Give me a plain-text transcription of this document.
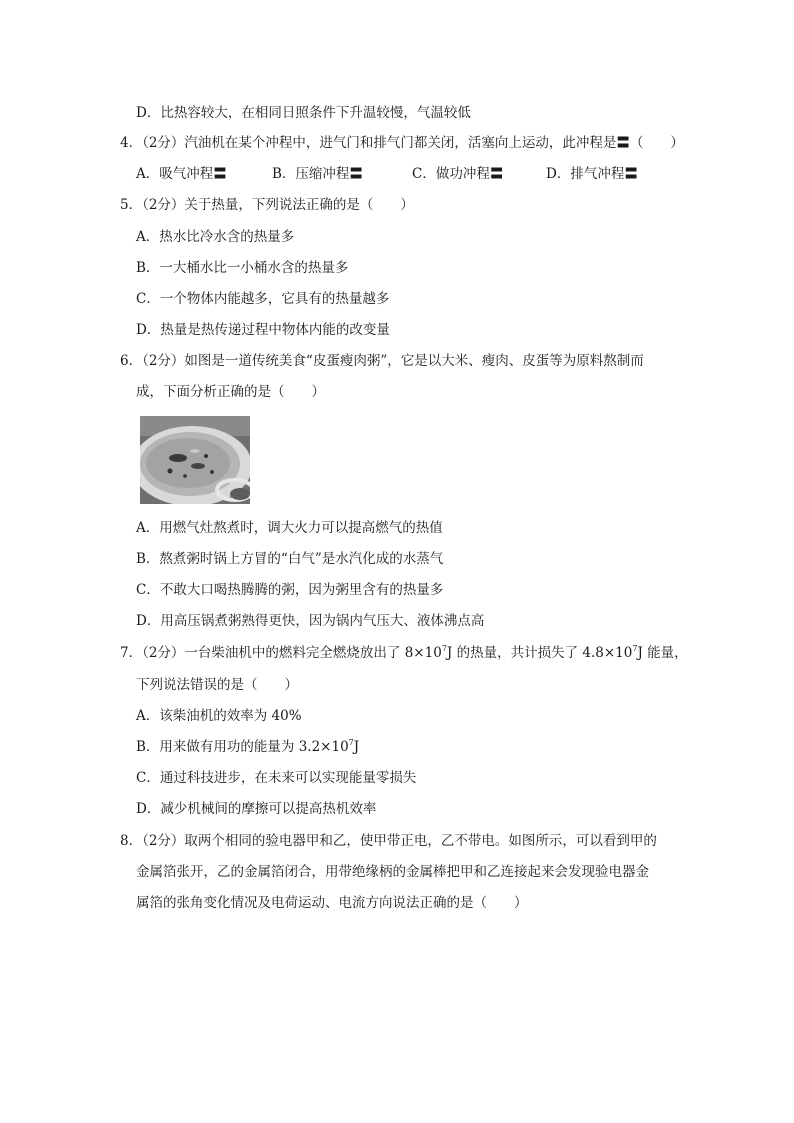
D．比热容较大，在相同日照条件下升温较慢，气温较低
4．（2分）汽油机在某个冲程中，进气门和排气门都关闭，活塞向上运动，此冲程是〓（　　）
A．吸气冲程〓	B．压缩冲程〓	C．做功冲程〓	D．排气冲程〓
5．（2分）关于热量，下列说法正确的是（　　）
A．热水比冷水含的热量多
B．一大桶水比一小桶水含的热量多
C．一个物体内能越多，它具有的热量越多
D．热量是热传递过程中物体内能的改变量
6．（2分）如图是一道传统美食“皮蛋瘦肉粥”，它是以大米、瘦肉、皮蛋等为原料熬制而
成，下面分析正确的是（　　）
A．用燃气灶熬煮时，调大火力可以提高燃气的热值
B．熬煮粥时锅上方冒的“白气”是水汽化成的水蒸气
C．不敢大口喝热腾腾的粥，因为粥里含有的热量多
D．用高压锅煮粥熟得更快，因为锅内气压大、液体沸点高
7．（2分）一台柴油机中的燃料完全燃烧放出了 $8\times 10^7J$ 的热量，共计损失了 $4.8\times 10^7J$ 能量，
下列说法错误的是（　　）
A．该柴油机的效率为 40%
B．用来做有用功的能量为 $3.2\times 10^7J$
C．通过科技进步，在未来可以实现能量零损失
D．减少机械间的摩擦可以提高热机效率
8．（2分）取两个相同的验电器甲和乙，使甲带正电，乙不带电。如图所示，可以看到甲的
金属箔张开，乙的金属箔闭合，用带绝缘柄的金属棒把甲和乙连接起来会发现验电器金
属箔的张角变化情况及电荷运动、电流方向说法正确的是（　　）
